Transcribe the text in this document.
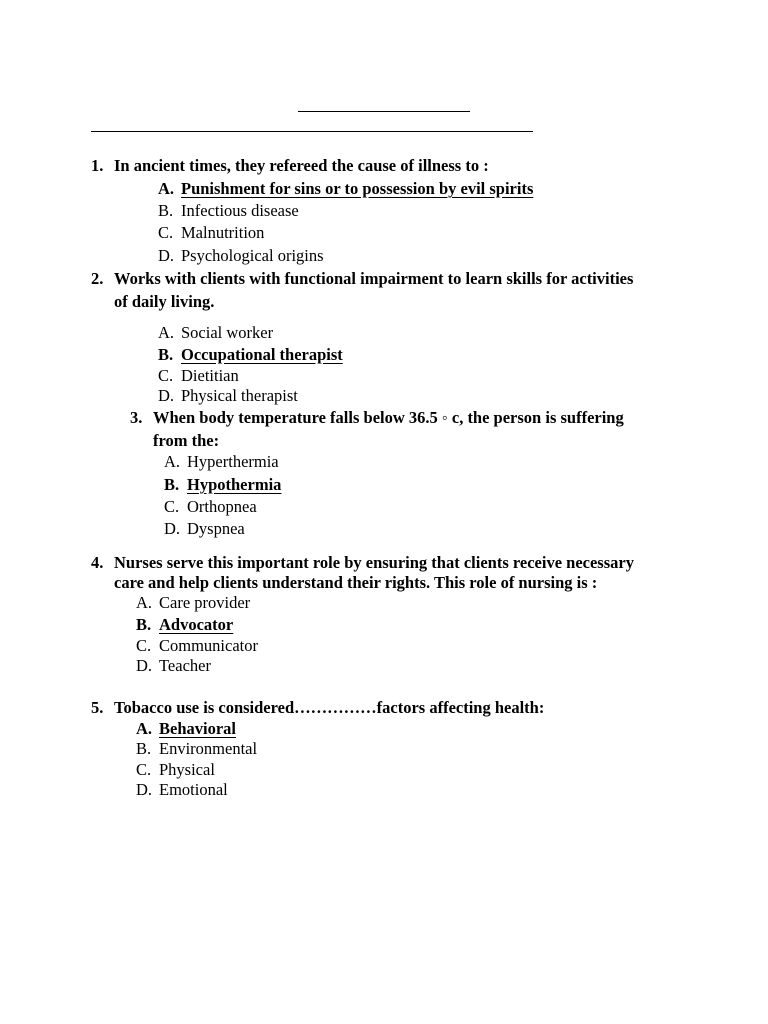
1. In ancient times, they refereed the cause of illness to :
A. Punishment for sins or to possession by evil spirits
B. Infectious disease
C. Malnutrition
D. Psychological origins
2. Works with clients with functional impairment to learn skills for activities
of daily living.
A. Social worker
B. Occupational therapist
C. Dietitian
D. Physical therapist
3. When body temperature falls below 36.5 ◦ c, the person is suffering
from the:
A. Hyperthermia
B. Hypothermia
C. Orthopnea
D. Dyspnea
4. Nurses serve this important role by ensuring that clients receive necessary
care and help clients understand their rights. This role of nursing is :
A. Care provider
B. Advocator
C. Communicator
D. Teacher
5. Tobacco use is considered……………factors affecting health:
A. Behavioral
B. Environmental
C. Physical
D. Emotional
